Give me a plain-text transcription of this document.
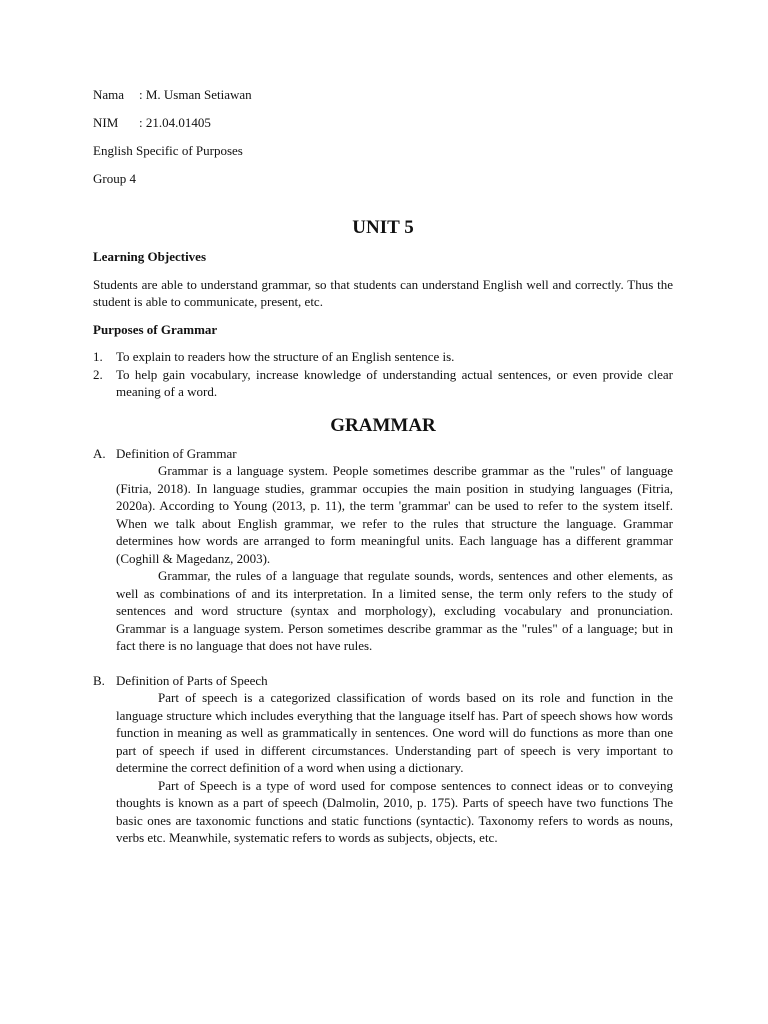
Nama : M. Usman Setiawan
NIM : 21.04.01405
English Specific of Purposes
Group 4
UNIT 5
Learning Objectives

Students are able to understand grammar, so that students can understand English well and correctly. Thus the student is able to communicate, present, etc.

Purposes of Grammar
1. To explain to readers how the structure of an English sentence is.
2. To help gain vocabulary, increase knowledge of understanding actual sentences, or even provide clear meaning of a word.
GRAMMAR
A. Definition of Grammar

Grammar is a language system. People sometimes describe grammar as the "rules" of language (Fitria, 2018). In language studies, grammar occupies the main position in studying languages (Fitria, 2020a). According to Young (2013, p. 11), the term 'grammar' can be used to refer to the system itself. When we talk about English grammar, we refer to the rules that structure the language. Grammar determines how words are arranged to form meaningful units. Each language has a different grammar (Coghill & Magedanz, 2003).

Grammar, the rules of a language that regulate sounds, words, sentences and other elements, as well as combinations of and its interpretation. In a limited sense, the term only refers to the study of sentences and word structure (syntax and morphology), excluding vocabulary and pronunciation. Grammar is a language system. Person sometimes describe grammar as the "rules" of a language; but in fact there is no language that does not have rules.

B. Definition of Parts of Speech

Part of speech is a categorized classification of words based on its role and function in the language structure which includes everything that the language itself has. Part of speech shows how words function in meaning as well as grammatically in sentences. One word will do functions as more than one part of speech if used in different circumstances. Understanding part of speech is very important to determine the correct definition of a word when using a dictionary.

Part of Speech is a type of word used for compose sentences to connect ideas or to conveying thoughts is known as a part of speech (Dalmolin, 2010, p. 175). Parts of speech have two functions The basic ones are taxonomic functions and static functions (syntactic). Taxonomy refers to words as nouns, verbs etc. Meanwhile, systematic refers to words as subjects, objects, etc.
